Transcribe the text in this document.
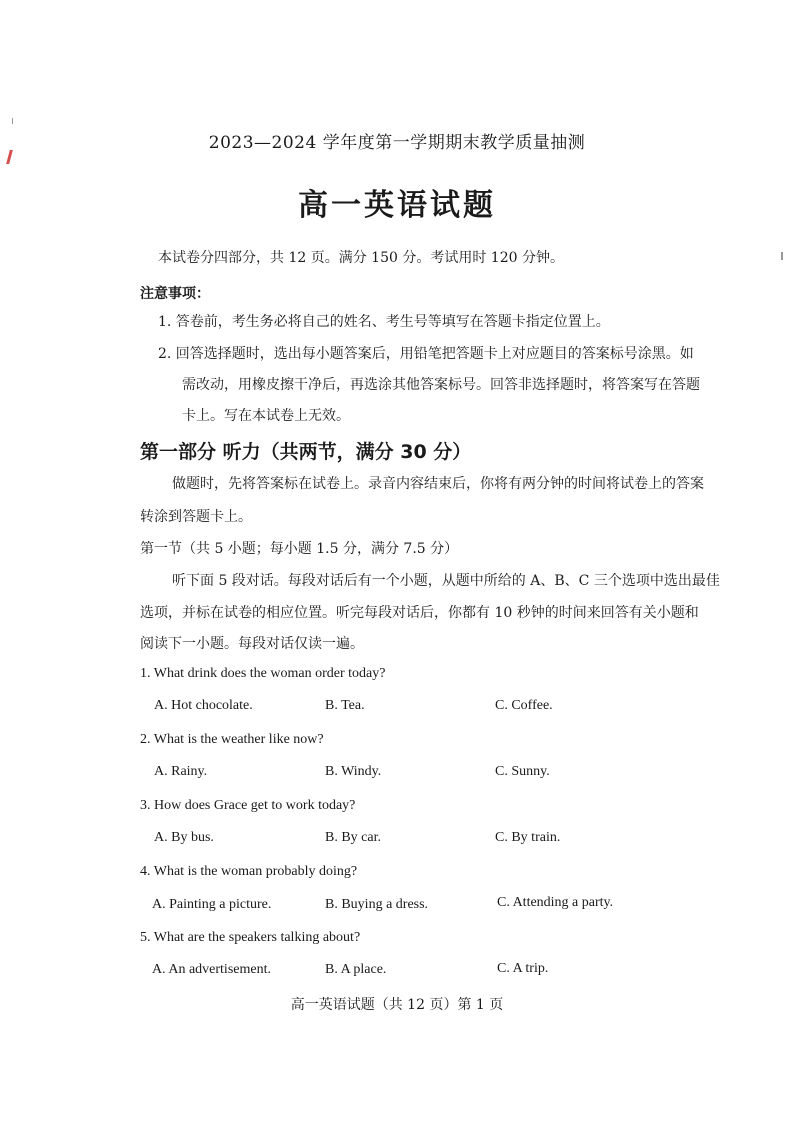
2023—2024 学年度第一学期期末教学质量抽测
高一英语试题
本试卷分四部分，共 12 页。满分 150 分。考试用时 120 分钟。
注意事项：
1. 答卷前，考生务必将自己的姓名、考生号等填写在答题卡指定位置上。
2. 回答选择题时，选出每小题答案后，用铅笔把答题卡上对应题目的答案标号涂黑。如
需改动，用橡皮擦干净后，再选涂其他答案标号。回答非选择题时，将答案写在答题
卡上。写在本试卷上无效。
第一部分 听力（共两节，满分 30 分）
做题时，先将答案标在试卷上。录音内容结束后，你将有两分钟的时间将试卷上的答案
转涂到答题卡上。
第一节（共 5 小题；每小题 1.5 分，满分 7.5 分）
听下面 5 段对话。每段对话后有一个小题，从题中所给的 A、B、C 三个选项中选出最佳
选项，并标在试卷的相应位置。听完每段对话后，你都有 10 秒钟的时间来回答有关小题和
阅读下一小题。每段对话仅读一遍。
1. What drink does the woman order today?
A. Hot chocolate.	B. Tea.	C. Coffee.
2. What is the weather like now?
A. Rainy.	B. Windy.	C. Sunny.
3. How does Grace get to work today?
A. By bus.	B. By car.	C. By train.
4. What is the woman probably doing?
A. Painting a picture.	B. Buying a dress.	C. Attending a party.
5. What are the speakers talking about?
A. An advertisement.	B. A place.	C. A trip.
高一英语试题（共 12 页）第 1 页
